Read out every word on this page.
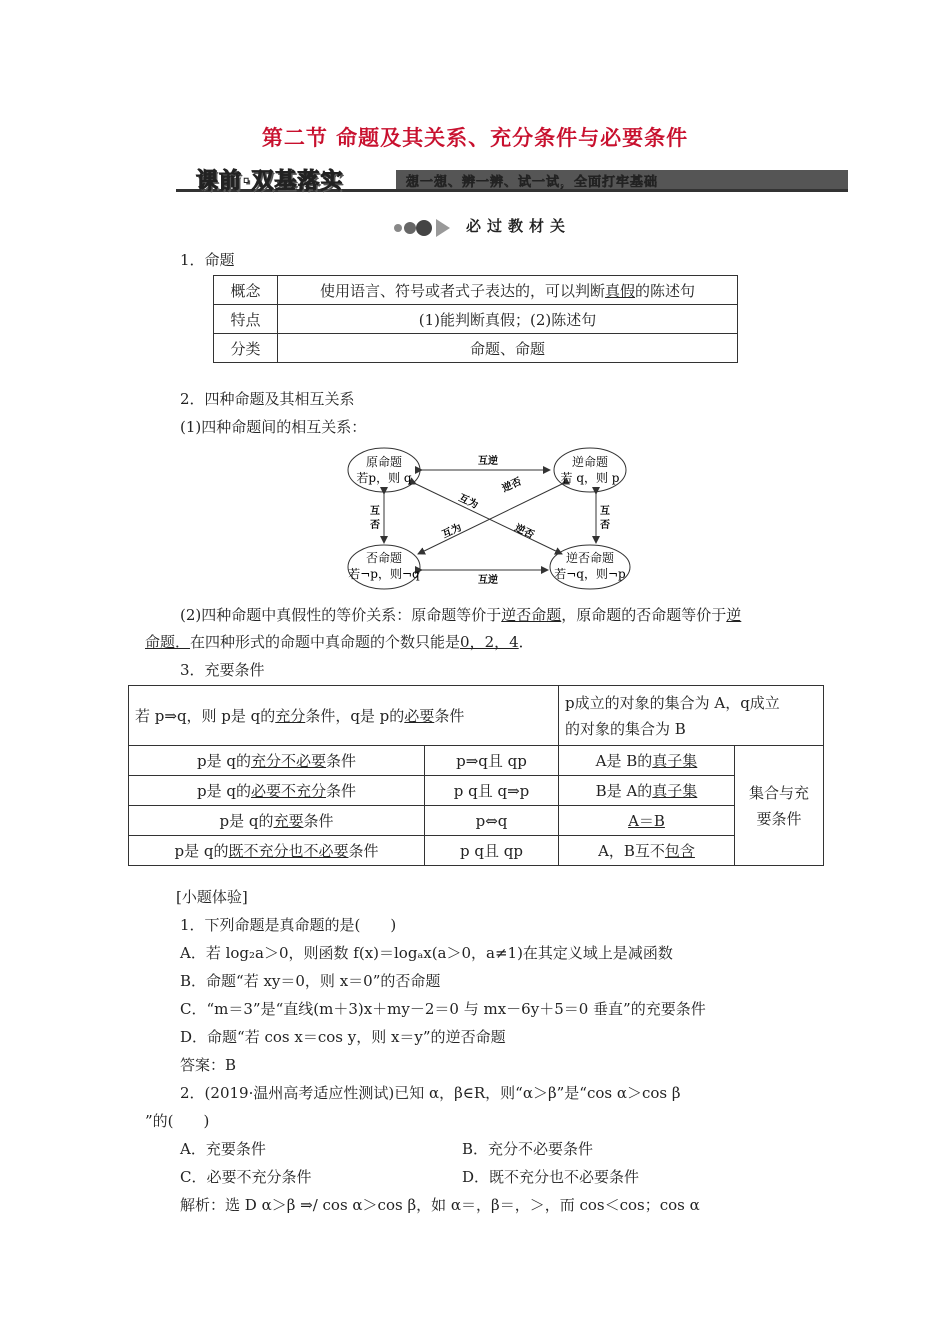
第二节 命题及其关系、充分条件与必要条件
课前·双基落实	想一想、辨一辨、试一试，全面打牢基础
必过教材关
1．命题
概念	使用语言、符号或者式子表达的，可以判断真假的陈述句
特点	(1)能判断真假；(2)陈述句
分类	命题、命题
2．四种命题及其相互关系
(1)四种命题间的相互关系：
原命题
若p，则 q
逆命题
若 q，则 p
否命题
若¬p，则¬q
逆否命题
若¬q，则¬p
互逆
互逆
互
否
互
否
互为
逆否
互为	逆否
(2)四种命题中真假性的等价关系：原命题等价于逆否命题，原命题的否命题等价于逆
命题．在四种形式的命题中真命题的个数只能是0，2，4．
3．充要条件
若 p⇒q，则 p是 q的充分条件，q是 p的必要条件		p成立的对象的集合为 A，q成立
的对象的集合为 B	

p是 q的充分不必要条件	p⇒q且 qp	A是 B的真子集	集合与充
要条件

p是 q的必要不充分条件	p q且 q⇒p	B是 A的真子集	
p是 q的充要条件	p⇔q	A＝B	
p是 q的既不充分也不必要条件	p q且 qp	A，B互不包含	
[小题体验]
1．下列命题是真命题的是(　　)
A．若 log₂a＞0，则函数 f(x)＝logₐx(a＞0，a≠1)在其定义域上是减函数
B．命题“若 xy＝0，则 x＝0”的否命题
C．“m＝3”是“直线(m＋3)x＋my－2＝0 与 mx－6y＋5＝0 垂直”的充要条件
D．命题“若 cos x＝cos y，则 x＝y”的逆否命题
答案：B
2．(2019·温州高考适应性测试)已知 α，β∈R，则“α＞β”是“cos α＞cos β
”的(　　)
A．充要条件	B．充分不必要条件
C．必要不充分条件	D．既不充分也不必要条件
解析：选 D α＞β ⇒/ cos α＞cos β，如 α＝，β＝，＞，而 cos＜cos；cos α
